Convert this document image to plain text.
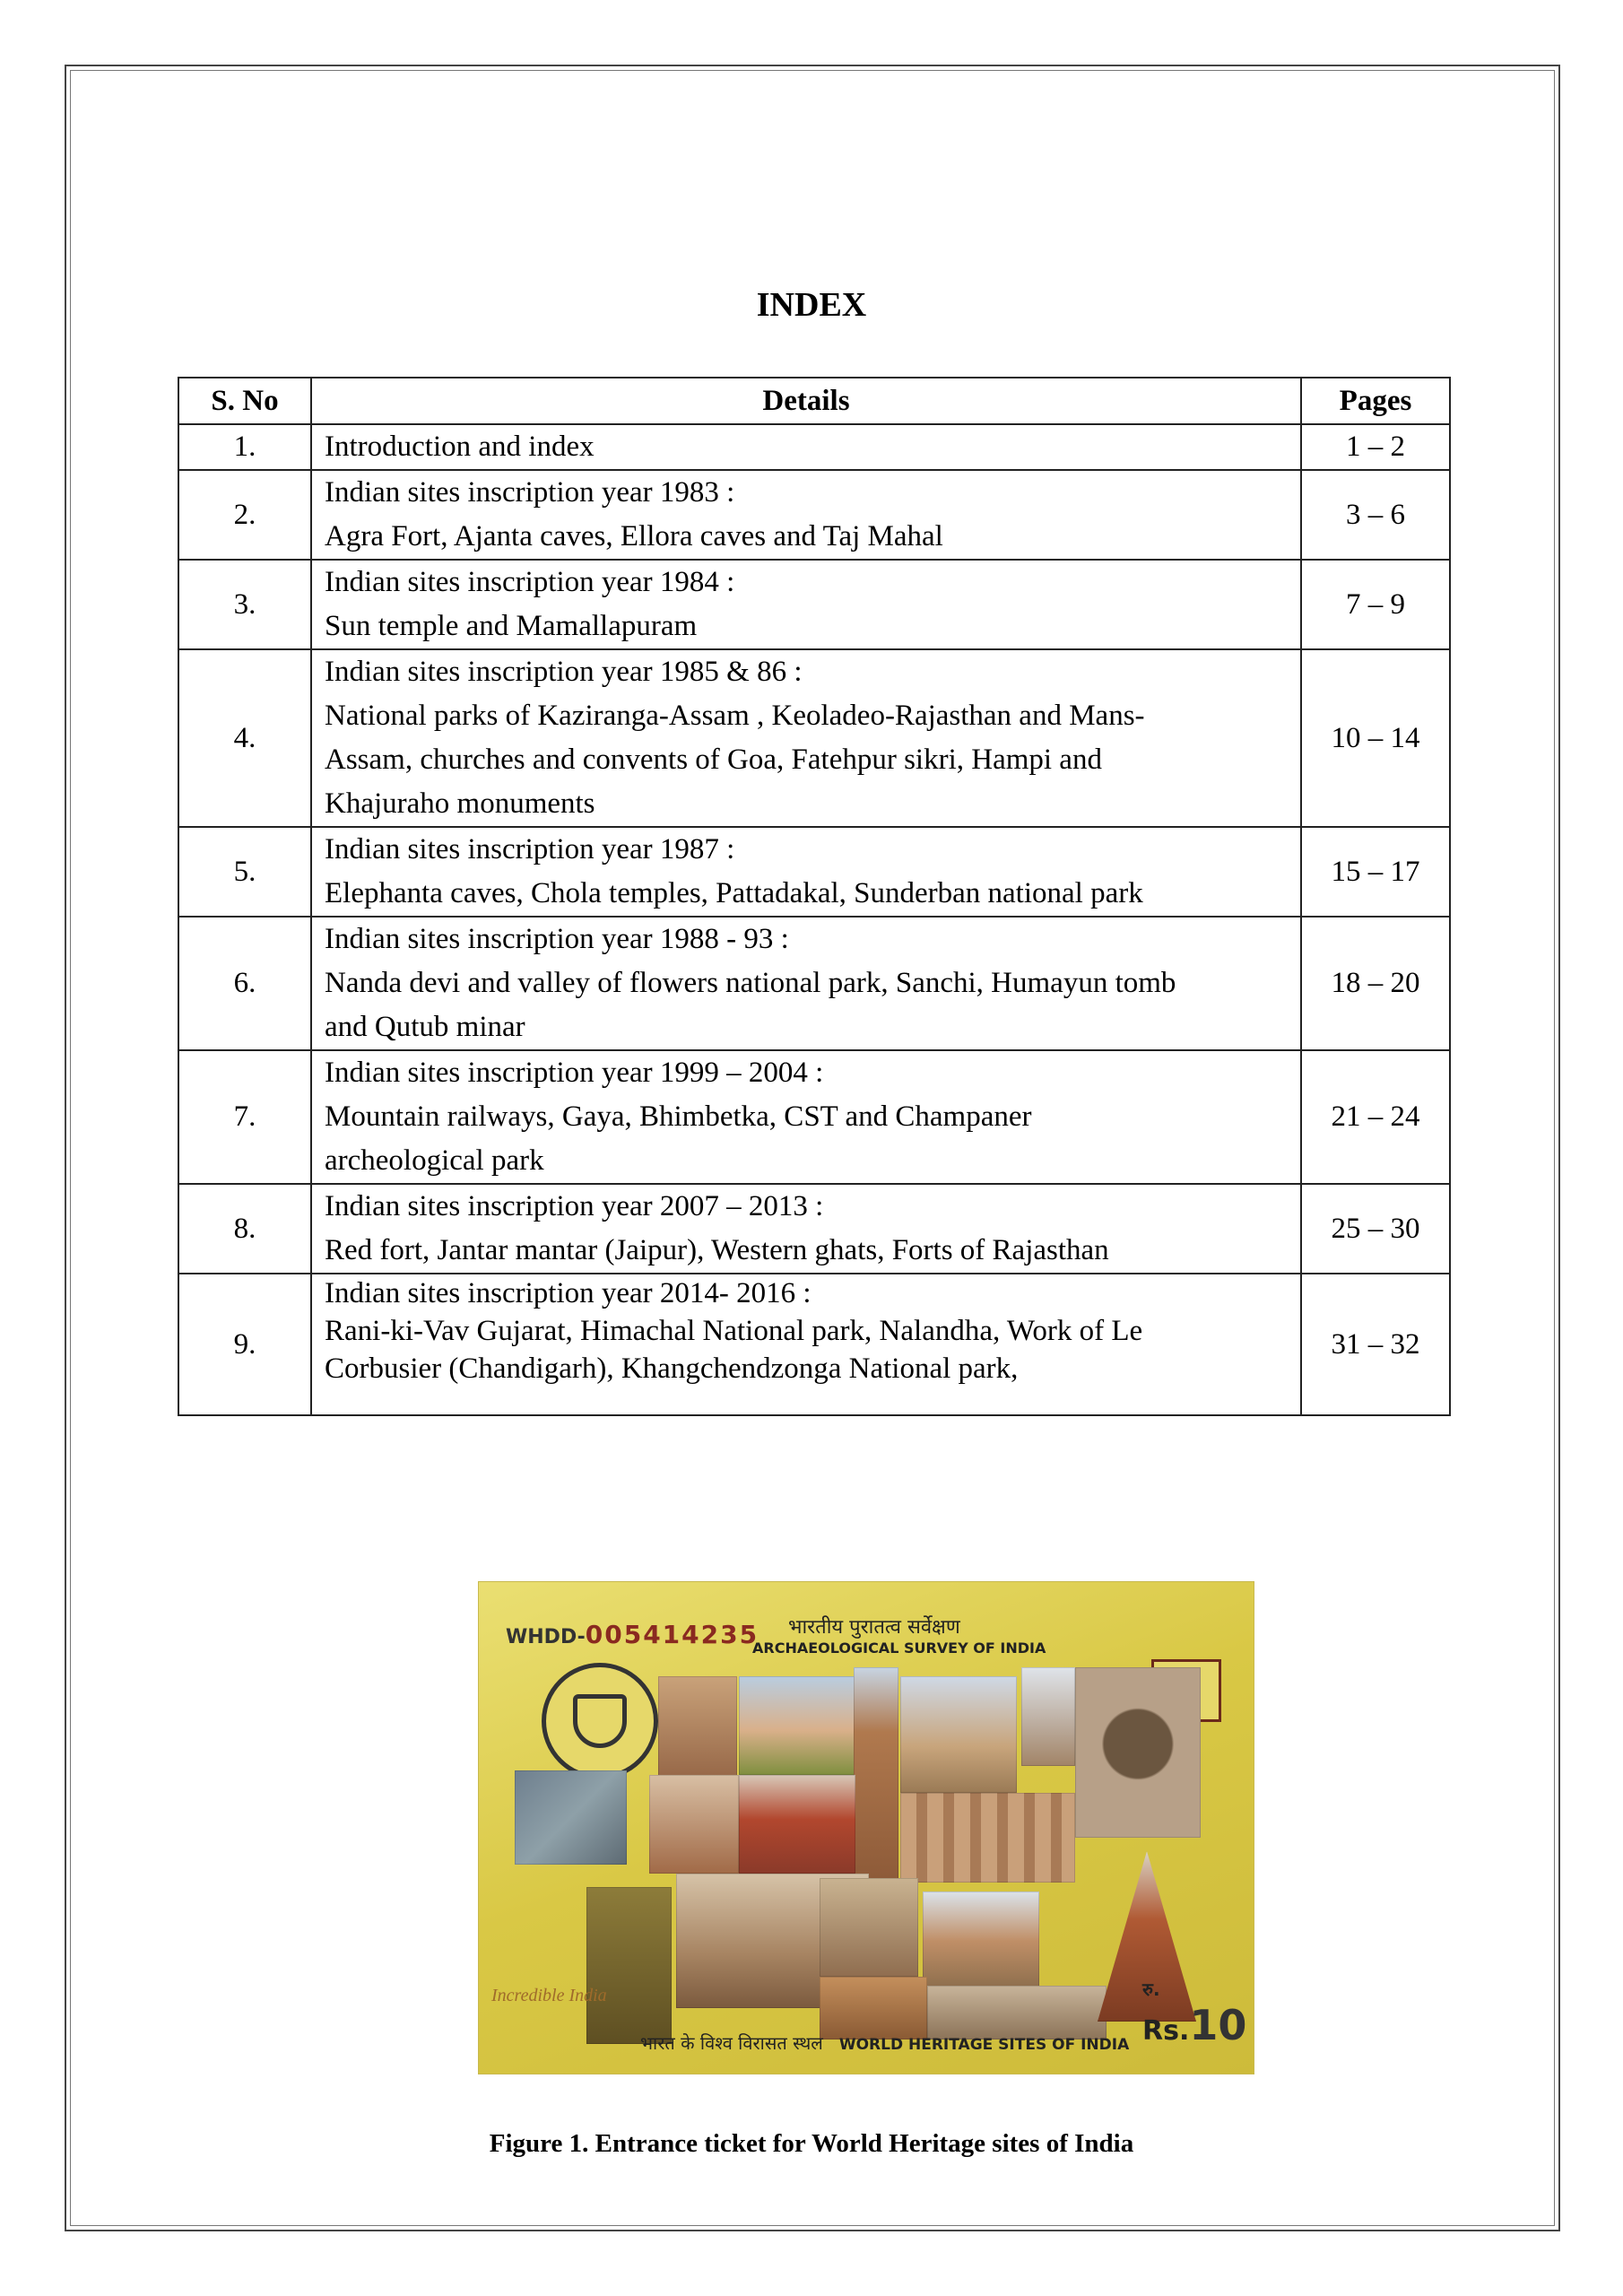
INDEX
S. No	Details	Pages
1.	Introduction and index	1 – 2
2.	Indian sites inscription year 1983 :
Agra Fort, Ajanta caves, Ellora caves and Taj Mahal	3 – 6
3.	Indian sites inscription year 1984 :
Sun temple and Mamallapuram	7 – 9
4.	Indian sites inscription year 1985 & 86 :
National parks of Kaziranga-Assam , Keoladeo-Rajasthan and Mans-
Assam, churches and convents of Goa, Fatehpur sikri, Hampi and
Khajuraho monuments	10 – 14
5.	Indian sites inscription year 1987 :
Elephanta caves, Chola temples, Pattadakal, Sunderban national park	15 – 17
6.	Indian sites inscription year 1988 - 93 :
Nanda devi and valley of flowers national park, Sanchi, Humayun tomb
and Qutub minar	18 – 20
7.	Indian sites inscription year 1999 – 2004 :
Mountain railways, Gaya, Bhimbetka, CST and Champaner
archeological park	21 – 24
8.	Indian sites inscription year 2007 – 2013 :
Red fort, Jantar mantar (Jaipur), Western ghats, Forts of Rajasthan	25 – 30
9.	Indian sites inscription year 2014- 2016 :
Rani-ki-Vav Gujarat, Himachal National park, Nalandha, Work of Le
Corbusier (Chandigarh), Khangchendzonga National park,	31 – 32
WHDD-005414235 भारतीय पुरातत्व सर्वेक्षण
ARCHAEOLOGICAL SURVEY OF INDIA
Incredible India	रु.
Rs.10
भारत के विश्व विरासत स्थल WORLD HERITAGE SITES OF INDIA
Figure 1. Entrance ticket for World Heritage sites of India
